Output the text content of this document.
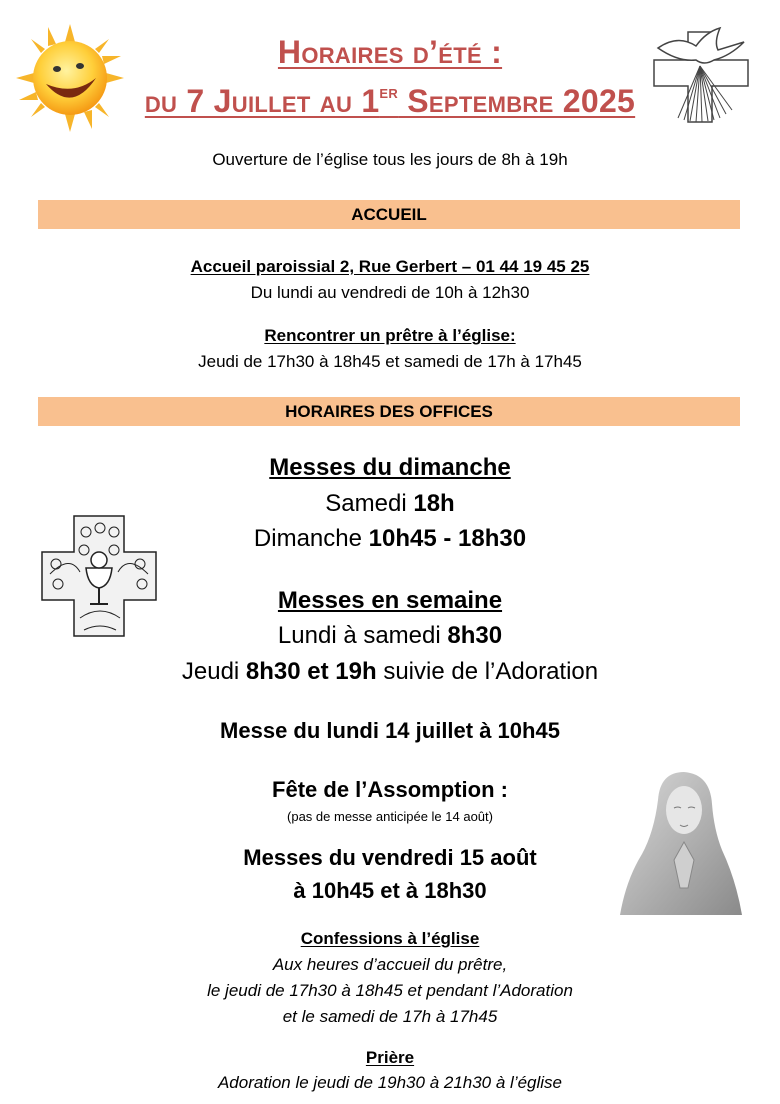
Horaires d’été :
du 7 Juillet au 1er Septembre 2025
Ouverture de l’église tous les jours de 8h à 19h
ACCUEIL
Accueil paroissial 2, Rue Gerbert – 01 44 19 45 25
Du lundi au vendredi de 10h à 12h30
Rencontrer un prêtre à l’église:
Jeudi de 17h30 à 18h45 et samedi de 17h à 17h45
HORAIRES DES OFFICES
Messes du dimanche
Samedi 18h
Dimanche 10h45 - 18h30
Messes en semaine
Lundi à samedi 8h30
Jeudi 8h30 et 19h suivie de l’Adoration
Messe du lundi 14 juillet à 10h45
Fête de l’Assomption :
(pas de messe anticipée le 14 août)
Messes du vendredi 15 août
à 10h45 et à 18h30
Confessions à l’église
Aux heures d’accueil du prêtre,
le jeudi de 17h30 à 18h45 et pendant l’Adoration
et le samedi de 17h à 17h45
Prière
Adoration le jeudi de 19h30 à 21h30 à l’église
